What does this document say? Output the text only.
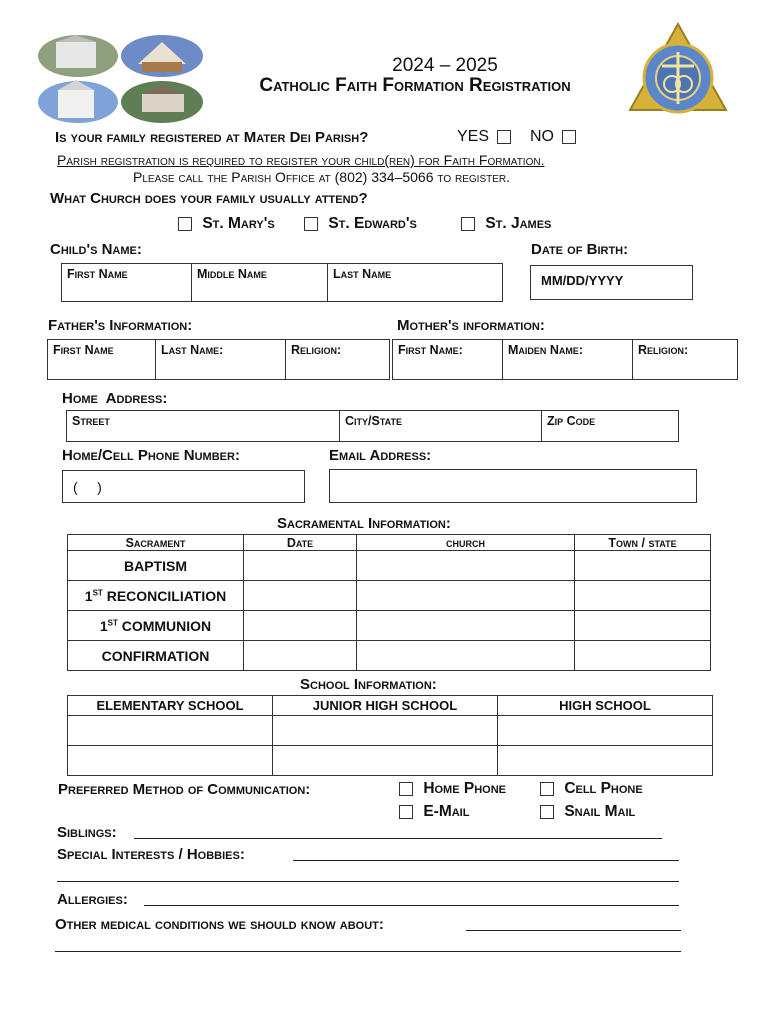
2024 – 2025
Catholic Faith Formation Registration
Is your family registered at Mater Dei Parish?	YES	NO
Parish registration is required to register your child(ren) for Faith Formation.
Please call the Parish Office at (802) 334–5066 to register.
What Church does your family usually attend?
St. Mary's	St. Edward's	St. James
Child's Name:	Date of Birth:
First Name	Middle Name	Last Name	MM/DD/YYYY
Father's Information:	Mother's information:
First Name	Last Name:	Religion:	First Name:	Maiden Name:	Religion:
Home  Address:
Street	City/State	Zip Code
Home/Cell Phone Number:	Email Address:
(     )
Sacramental Information:
Sacrament	Date	church	Town / state
BAPTISM			
1ST RECONCILIATION			
1ST COMMUNION			
CONFIRMATION			
School Information:
ELEMENTARY SCHOOL	JUNIOR HIGH SCHOOL	HIGH SCHOOL

Preferred Method of Communication:	Home Phone	Cell Phone
E-Mail	Snail Mail
Siblings:
Special Interests / Hobbies:
Allergies:
Other medical conditions we should know about:
